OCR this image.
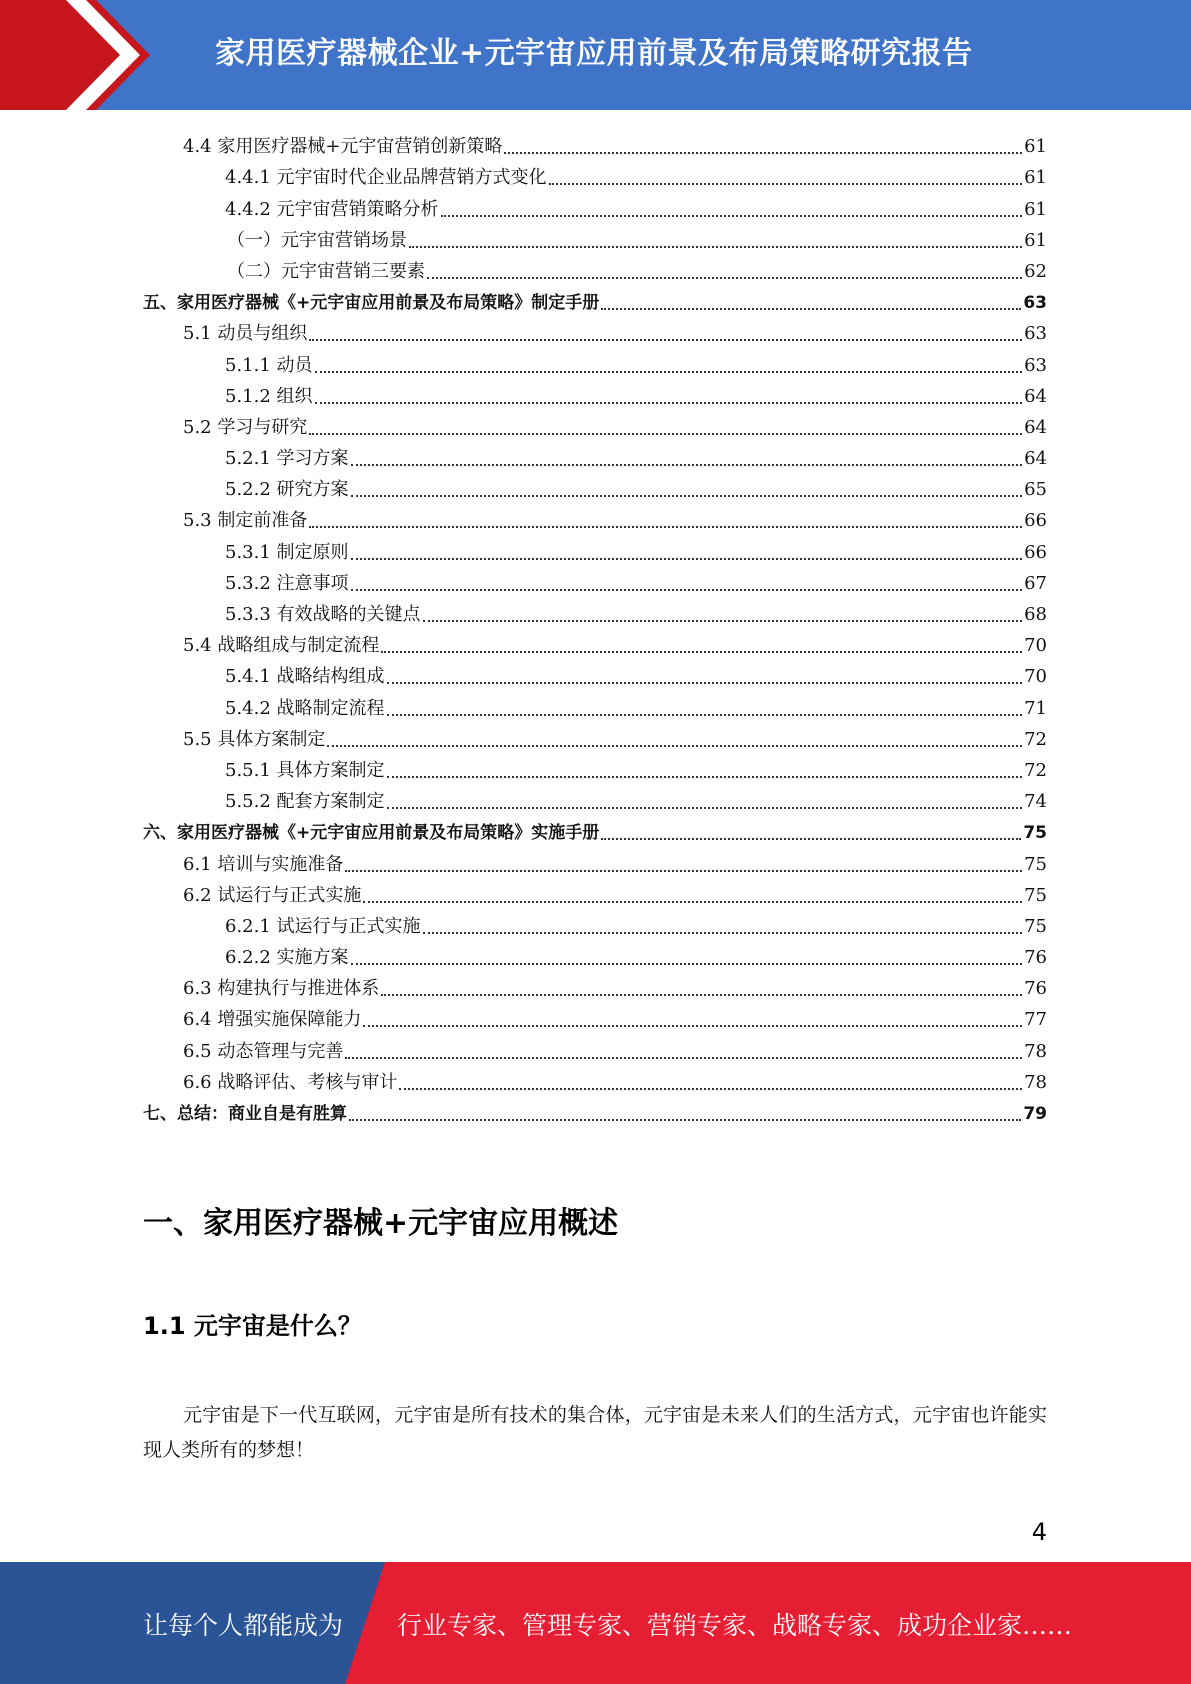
家用医疗器械企业+元宇宙应用前景及布局策略研究报告
4.4 家用医疗器械+元宇宙营销创新策略	61
4.4.1 元宇宙时代企业品牌营销方式变化	61
4.4.2 元宇宙营销策略分析	61
（一）元宇宙营销场景	61
（二）元宇宙营销三要素	62
五、家用医疗器械《+元宇宙应用前景及布局策略》制定手册	63
5.1 动员与组织	63
5.1.1 动员	63
5.1.2 组织	64
5.2 学习与研究	64
5.2.1 学习方案	64
5.2.2 研究方案	65
5.3 制定前准备	66
5.3.1 制定原则	66
5.3.2 注意事项	67
5.3.3 有效战略的关键点	68
5.4 战略组成与制定流程	70
5.4.1 战略结构组成	70
5.4.2 战略制定流程	71
5.5 具体方案制定	72
5.5.1 具体方案制定	72
5.5.2 配套方案制定	74
六、家用医疗器械《+元宇宙应用前景及布局策略》实施手册	75
6.1 培训与实施准备	75
6.2 试运行与正式实施	75
6.2.1 试运行与正式实施	75
6.2.2 实施方案	76
6.3 构建执行与推进体系	76
6.4 增强实施保障能力	77
6.5 动态管理与完善	78
6.6 战略评估、考核与审计	78
七、总结：商业自是有胜算	79
一、家用医疗器械+元宇宙应用概述
1.1 元宇宙是什么？
元宇宙是下一代互联网，元宇宙是所有技术的集合体，元宇宙是未来人们的生活方式，元宇宙也许能实现人类所有的梦想！
4
让每个人都能成为 行业专家、管理专家、营销专家、战略专家、成功企业家……
